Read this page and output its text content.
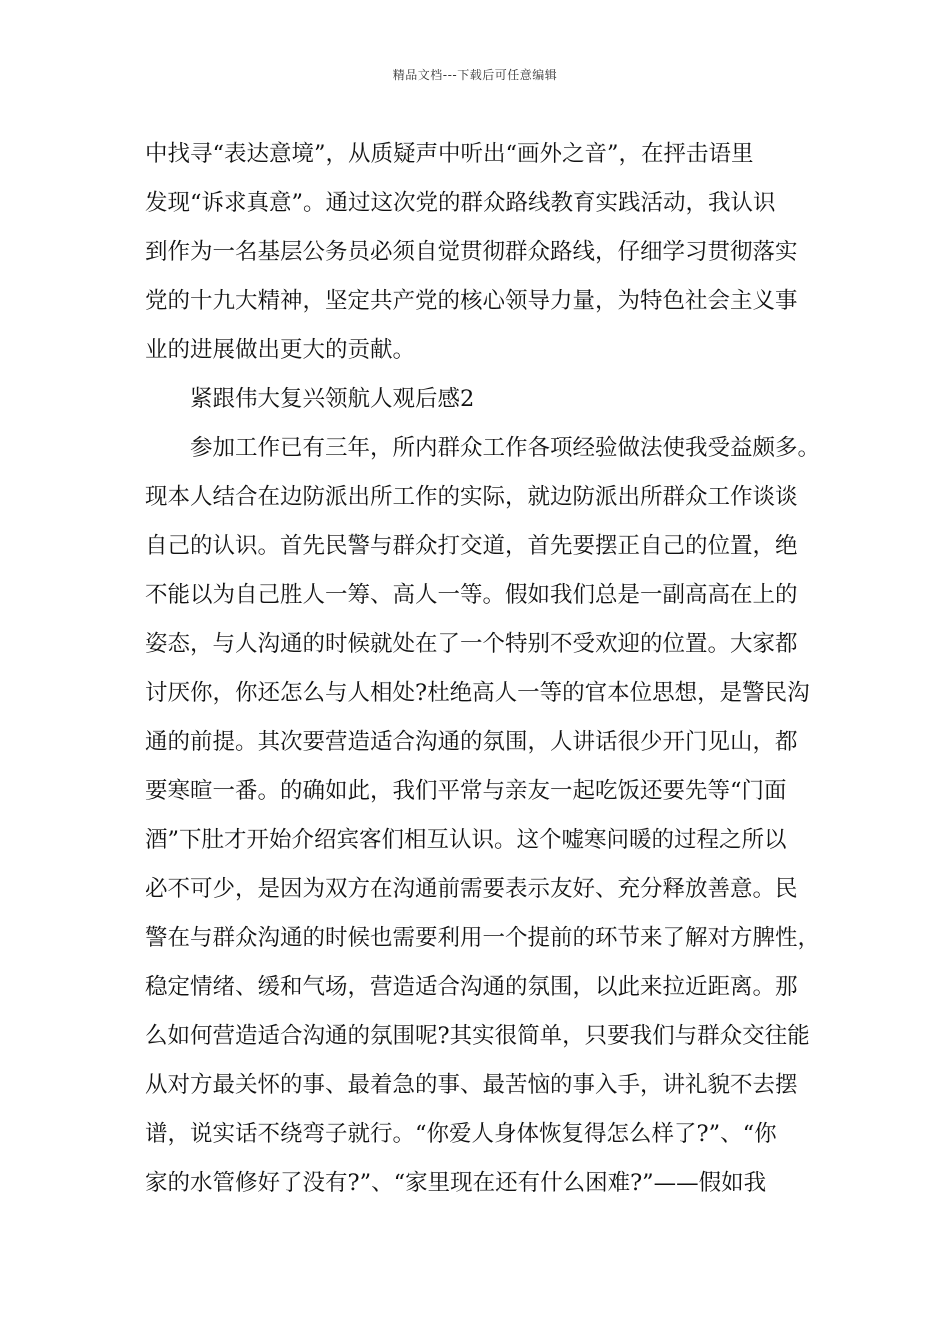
精品文档---下载后可任意编辑
中找寻“表达意境”，从质疑声中听出“画外之音”，在抨击语里
发现“诉求真意”。通过这次党的群众路线教育实践活动，我认识
到作为一名基层公务员必须自觉贯彻群众路线，仔细学习贯彻落实
党的十九大精神，坚定共产党的核心领导力量，为特色社会主义事
业的进展做出更大的贡献。
紧跟伟大复兴领航人观后感2
参加工作已有三年，所内群众工作各项经验做法使我受益颇多。
现本人结合在边防派出所工作的实际，就边防派出所群众工作谈谈
自己的认识。首先民警与群众打交道，首先要摆正自己的位置，绝
不能以为自己胜人一筹、高人一等。假如我们总是一副高高在上的
姿态，与人沟通的时候就处在了一个特别不受欢迎的位置。大家都
讨厌你，你还怎么与人相处?杜绝高人一等的官本位思想，是警民沟
通的前提。其次要营造适合沟通的氛围，人讲话很少开门见山，都
要寒暄一番。的确如此，我们平常与亲友一起吃饭还要先等“门面
酒”下肚才开始介绍宾客们相互认识。这个嘘寒问暖的过程之所以
必不可少，是因为双方在沟通前需要表示友好、充分释放善意。民
警在与群众沟通的时候也需要利用一个提前的环节来了解对方脾性，
稳定情绪、缓和气场，营造适合沟通的氛围，以此来拉近距离。那
么如何营造适合沟通的氛围呢?其实很简单，只要我们与群众交往能
从对方最关怀的事、最着急的事、最苦恼的事入手，讲礼貌不去摆
谱，说实话不绕弯子就行。“你爱人身体恢复得怎么样了?”、“你
家的水管修好了没有?”、“家里现在还有什么困难?”——假如我
